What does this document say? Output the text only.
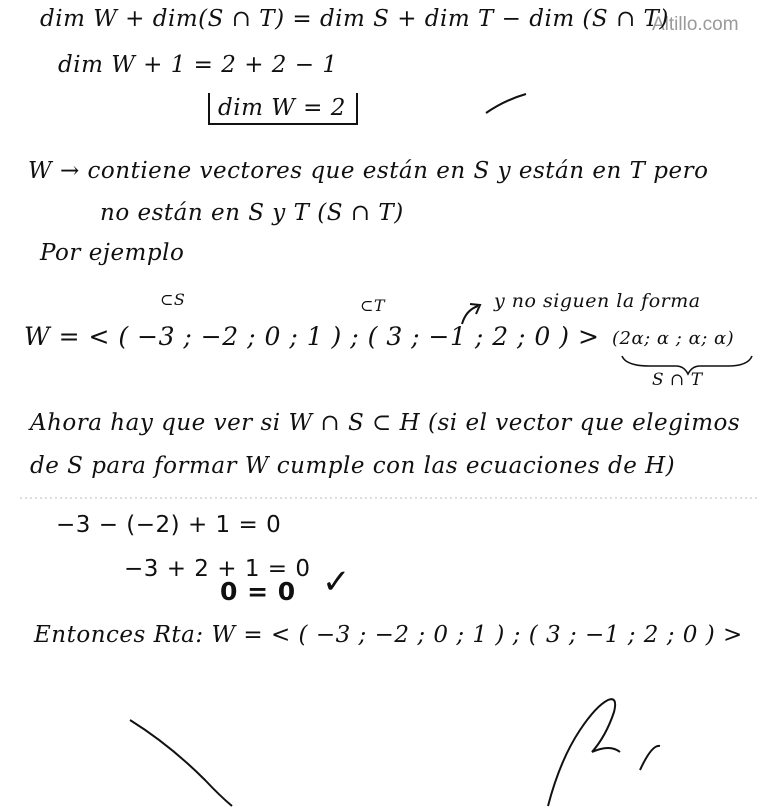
Altillo.com
dim W + dim(S ∩ T) = dim S + dim T − dim (S ∩ T)
dim W + 1 = 2 + 2 − 1
dim W = 2
W → contiene vectores que están en S y están en T pero
no están en S y T (S ∩ T)
Por ejemplo
⊂S	⊂T
W = < ( −3 ; −2 ; 0 ; 1 ) ; ( 3 ; −1 ; 2 ; 0 ) >
y no siguen la forma
(2α; α ; α; α)
S ∩ T
Ahora hay que ver si W ∩ S ⊂ H (si el vector que elegimos
de S para formar W cumple con las ecuaciones de H)
−3 − (−2) + 1 = 0
−3 + 2 + 1 = 0
0 = 0 ✓
Entonces Rta: W = < ( −3 ; −2 ; 0 ; 1 ) ; ( 3 ; −1 ; 2 ; 0 ) >
